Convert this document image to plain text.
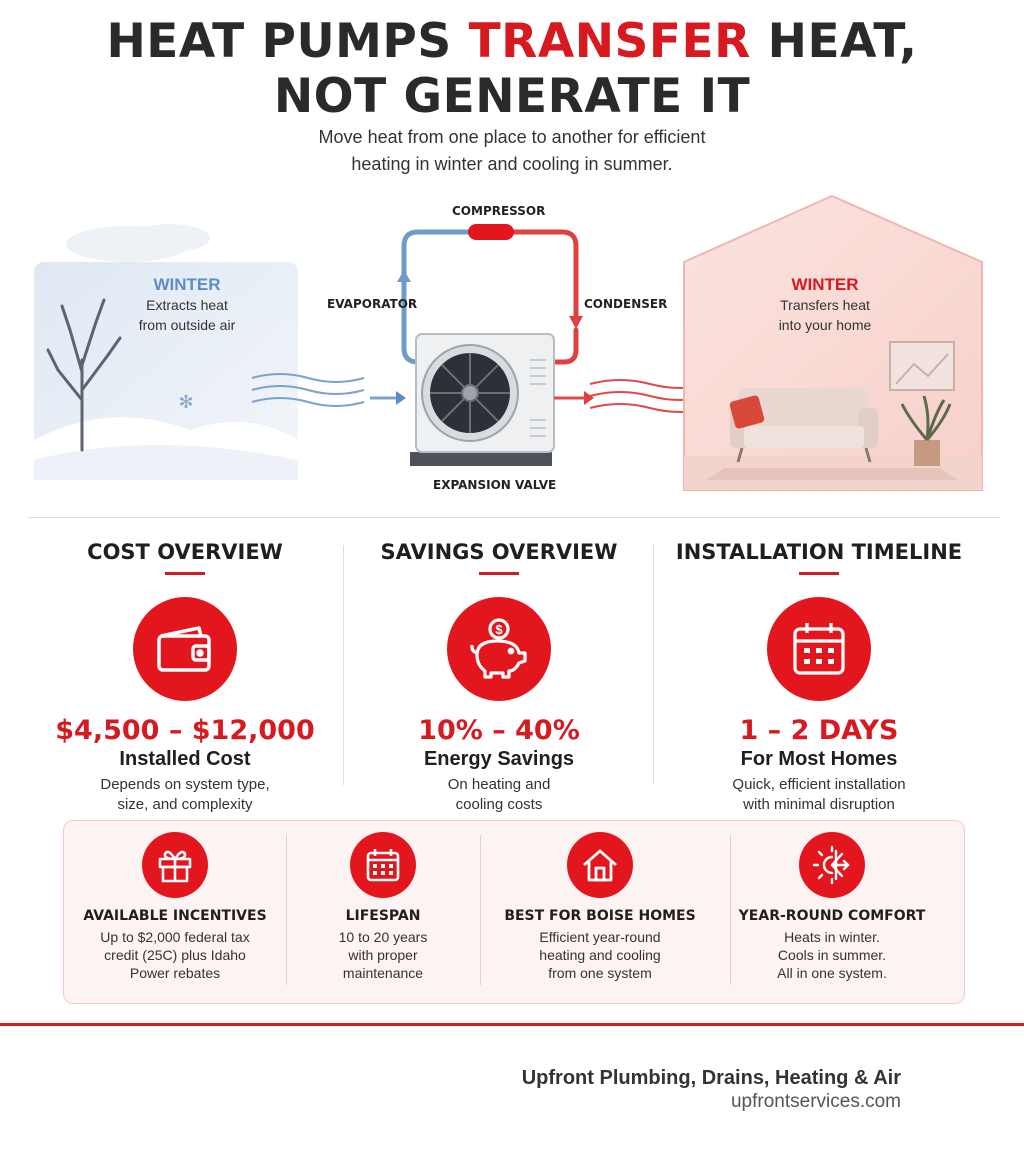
HEAT PUMPS TRANSFER HEAT,
NOT GENERATE IT
Move heat from one place to another for efficient
heating in winter and cooling in summer.
✻
COMPRESSOR
EVAPORATOR	CONDENSER
EXPANSION VALVE
WINTER
Extracts heat
from outside air
WINTER
Transfers heat
into your home
COST OVERVIEW
$4,500 – $12,000
Installed Cost
Depends on system type,
size, and complexity
SAVINGS OVERVIEW
$
10% – 40%
Energy Savings
On heating and
cooling costs
INSTALLATION TIMELINE
1 – 2 DAYS
For Most Homes
Quick, efficient installation
with minimal disruption
AVAILABLE INCENTIVES
Up to $2,000 federal tax
credit (25C) plus Idaho
Power rebates
LIFESPAN
10 to 20 years
with proper
maintenance
BEST FOR BOISE HOMES
Efficient year-round
heating and cooling
from one system
YEAR-ROUND COMFORT
Heats in winter.
Cools in summer.
All in one system.
Upfront Plumbing, Drains, Heating & Air
upfrontservices.com
